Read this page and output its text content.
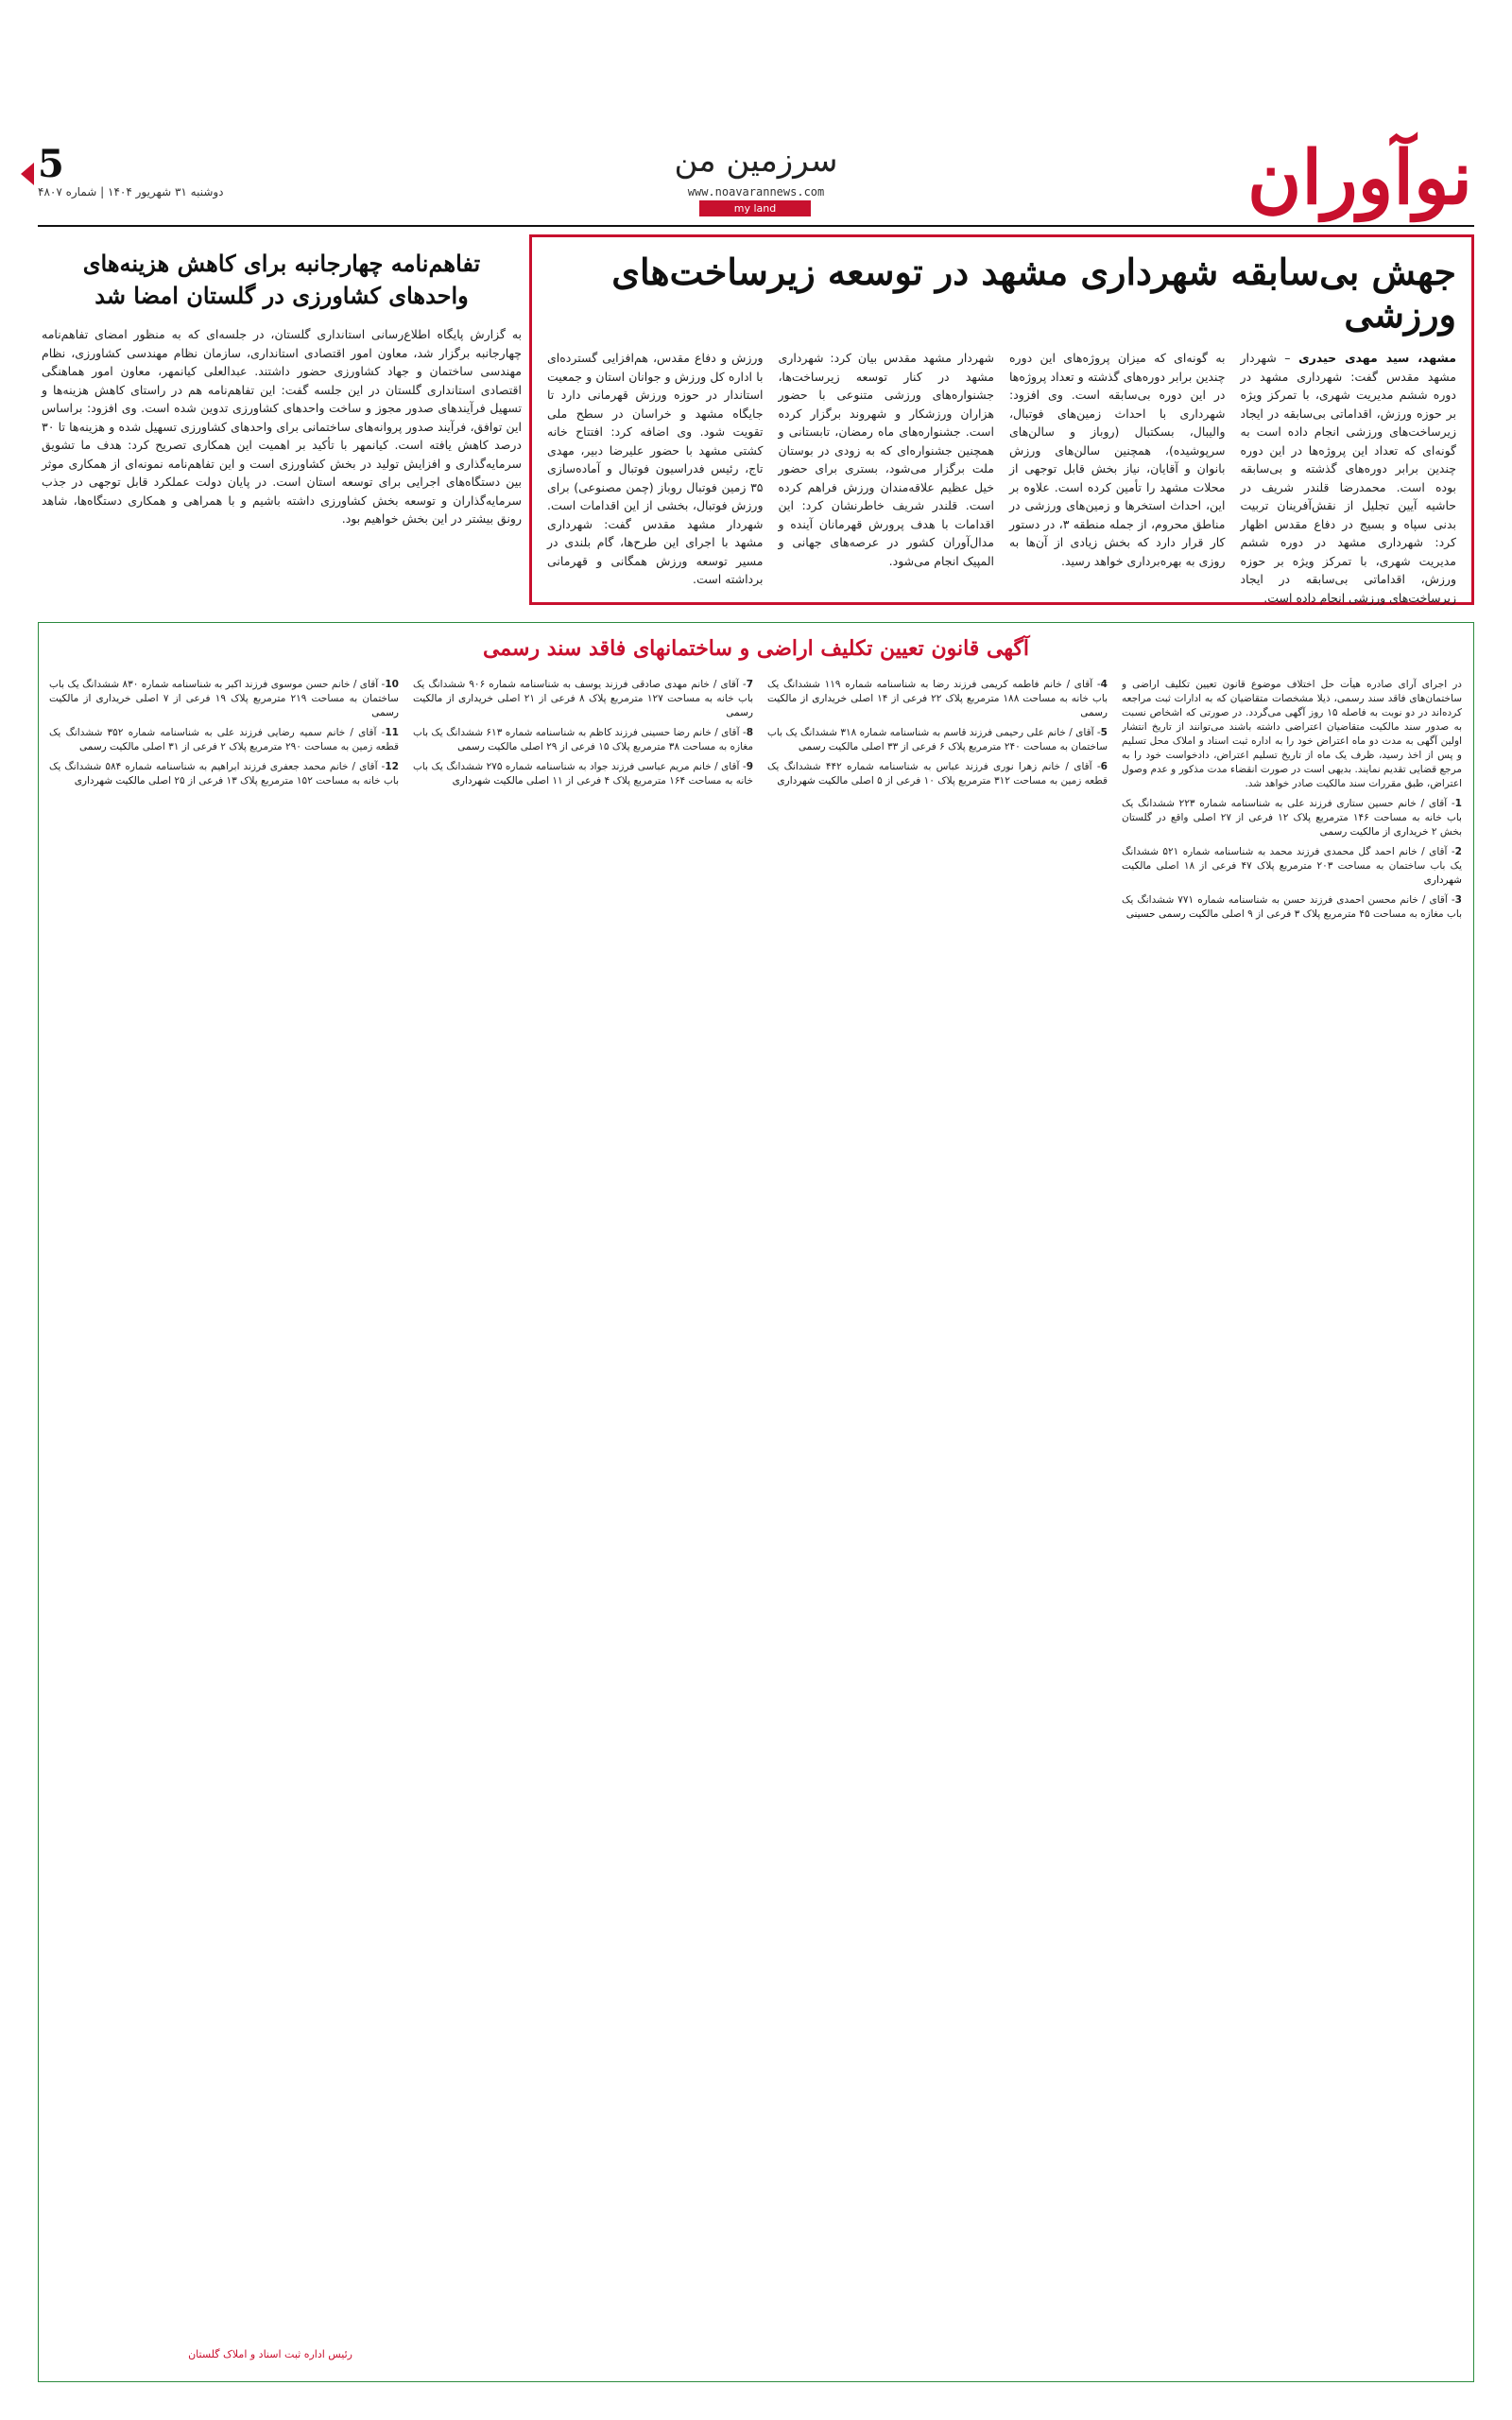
نوآوران
سرزمین من
www.noavarannews.com
my land
5
دوشنبه ۳۱ شهریور ۱۴۰۴ | شماره ۴۸۰۷
جهش بی‌سابقه شهرداری مشهد در توسعه زیرساخت‌های ورزشی
مشهد، سید مهدی حیدری – شهردار مشهد مقدس گفت: شهرداری مشهد در دوره ششم مدیریت شهری، با تمرکز ویژه بر حوزه ورزش، اقداماتی بی‌سابقه در ایجاد زیرساخت‌های ورزشی انجام داده است به گونه‌ای که تعداد این پروژه‌ها در این دوره چندین برابر دوره‌های گذشته و بی‌سابقه بوده است. محمدرضا قلندر شریف در حاشیه آیین تجلیل از نقش‌آفرینان تربیت بدنی سپاه و بسیج در دفاع مقدس اظهار کرد: شهرداری مشهد در دوره ششم مدیریت شهری، با تمرکز ویژه بر حوزه ورزش، اقداماتی بی‌سابقه در ایجاد زیرساخت‌های ورزشی انجام داده است.
به گونه‌ای که میزان پروژه‌های این دوره چندین برابر دوره‌های گذشته و تعداد پروژه‌ها در این دوره بی‌سابقه است. وی افزود: شهرداری با احداث زمین‌های فوتبال، والیبال، بسکتبال (روباز و سالن‌های سرپوشیده)، همچنین سالن‌های ورزش بانوان و آقایان، نیاز بخش قابل توجهی از محلات مشهد را تأمین کرده است. علاوه بر این، احداث استخرها و زمین‌های ورزشی در مناطق محروم، از جمله منطقه ۳، در دستور کار قرار دارد که بخش زیادی از آن‌ها به روزی به بهره‌برداری خواهد رسید.
شهردار مشهد مقدس بیان کرد: شهرداری مشهد در کنار توسعه زیرساخت‌ها، جشنواره‌های ورزشی متنوعی با حضور هزاران ورزشکار و شهروند برگزار کرده است. جشنواره‌های ماه رمضان، تابستانی و همچنین جشنواره‌ای که به زودی در بوستان ملت برگزار می‌شود، بستری برای حضور خیل عظیم علاقه‌مندان ورزش فراهم کرده است. قلندر شریف خاطرنشان کرد: این اقدامات با هدف پرورش قهرمانان آینده و مدال‌آوران کشور در عرصه‌های جهانی و المپیک انجام می‌شود.
ورزش و دفاع مقدس، هم‌افزایی گسترده‌ای با اداره کل ورزش و جوانان استان و جمعیت استاندار در حوزه ورزش قهرمانی دارد تا جایگاه مشهد و خراسان در سطح ملی تقویت شود. وی اضافه کرد: افتتاح خانه کشتی مشهد با حضور علیرضا دبیر، مهدی تاج، رئیس فدراسیون فوتبال و آماده‌سازی ۳۵ زمین فوتبال روباز (چمن مصنوعی) برای ورزش فوتبال، بخشی از این اقدامات است. شهردار مشهد مقدس گفت: شهرداری مشهد با اجرای این طرح‌ها، گام بلندی در مسیر توسعه ورزش همگانی و قهرمانی برداشته است.
تفاهم‌نامه چهارجانبه برای کاهش هزینه‌های واحدهای کشاورزی در گلستان امضا شد
به گزارش پایگاه اطلاع‌رسانی استانداری گلستان، در جلسه‌ای که به منظور امضای تفاهم‌نامه چهارجانبه برگزار شد، معاون امور اقتصادی استانداری، سازمان نظام مهندسی کشاورزی، نظام مهندسی ساختمان و جهاد کشاورزی حضور داشتند. عبدالعلی کیانمهر، معاون امور هماهنگی اقتصادی استانداری گلستان در این جلسه گفت: این تفاهم‌نامه هم در راستای کاهش هزینه‌ها و تسهیل فرآیندهای صدور مجوز و ساخت واحدهای کشاورزی تدوین شده است. وی افزود: براساس این توافق، فرآیند صدور پروانه‌های ساختمانی برای واحدهای کشاورزی تسهیل شده و هزینه‌ها تا ۳۰ درصد کاهش یافته است. کیانمهر با تأکید بر اهمیت این همکاری تصریح کرد: هدف ما تشویق سرمایه‌گذاری و افزایش تولید در بخش کشاورزی است و این تفاهم‌نامه نمونه‌ای از همکاری موثر بین دستگاه‌های اجرایی برای توسعه استان است. در پایان دولت عملکرد قابل توجهی در جذب سرمایه‌گذاران و توسعه بخش کشاورزی داشته باشیم و با همراهی و همکاری دستگاه‌ها، شاهد رونق بیشتر در این بخش خواهیم بود.
آگهی قانون تعیین تکلیف اراضی و ساختمانهای فاقد سند رسمی
در اجرای آرای صادره هیأت حل اختلاف موضوع قانون تعیین تکلیف اراضی و ساختمان‌های فاقد سند رسمی، ذیلا مشخصات متقاضیان که به ادارات ثبت مراجعه کرده‌اند در دو نوبت به فاصله ۱۵ روز آگهی می‌گردد. در صورتی که اشخاص نسبت به صدور سند مالکیت متقاضیان اعتراضی داشته باشند می‌توانند از تاریخ انتشار اولین آگهی به مدت دو ماه اعتراض خود را به اداره ثبت اسناد و املاک محل تسلیم و پس از اخذ رسید، ظرف یک ماه از تاریخ تسلیم اعتراض، دادخواست خود را به مرجع قضایی تقدیم نمایند. بدیهی است در صورت انقضاء مدت مذکور و عدم وصول اعتراض، طبق مقررات سند مالکیت صادر خواهد شد.
1- آقای / خانم حسین ستاری فرزند علی به شناسنامه شماره ۲۲۳ ششدانگ یک باب خانه به مساحت ۱۴۶ مترمربع پلاک ۱۲ فرعی از ۲۷ اصلی واقع در گلستان بخش ۲ خریداری از مالکیت رسمی
2- آقای / خانم احمد گل محمدی فرزند محمد به شناسنامه شماره ۵۲۱ ششدانگ یک باب ساختمان به مساحت ۲۰۳ مترمربع پلاک ۴۷ فرعی از ۱۸ اصلی مالکیت شهرداری
3- آقای / خانم محسن احمدی فرزند حسن به شناسنامه شماره ۷۷۱ ششدانگ یک باب مغازه به مساحت ۴۵ مترمربع پلاک ۳ فرعی از ۹ اصلی مالکیت رسمی حسینی
4- آقای / خانم فاطمه کریمی فرزند رضا به شناسنامه شماره ۱۱۹ ششدانگ یک باب خانه به مساحت ۱۸۸ مترمربع پلاک ۲۲ فرعی از ۱۴ اصلی خریداری از مالکیت رسمی
5- آقای / خانم علی رحیمی فرزند قاسم به شناسنامه شماره ۳۱۸ ششدانگ یک باب ساختمان به مساحت ۲۴۰ مترمربع پلاک ۶ فرعی از ۳۳ اصلی مالکیت رسمی
6- آقای / خانم زهرا نوری فرزند عباس به شناسنامه شماره ۴۴۲ ششدانگ یک قطعه زمین به مساحت ۳۱۲ مترمربع پلاک ۱۰ فرعی از ۵ اصلی مالکیت شهرداری
7- آقای / خانم مهدی صادقی فرزند یوسف به شناسنامه شماره ۹۰۶ ششدانگ یک باب خانه به مساحت ۱۲۷ مترمربع پلاک ۸ فرعی از ۲۱ اصلی خریداری از مالکیت رسمی
8- آقای / خانم رضا حسینی فرزند کاظم به شناسنامه شماره ۶۱۳ ششدانگ یک باب مغازه به مساحت ۳۸ مترمربع پلاک ۱۵ فرعی از ۲۹ اصلی مالکیت رسمی
9- آقای / خانم مریم عباسی فرزند جواد به شناسنامه شماره ۲۷۵ ششدانگ یک باب خانه به مساحت ۱۶۴ مترمربع پلاک ۴ فرعی از ۱۱ اصلی مالکیت شهرداری
10- آقای / خانم حسن موسوی فرزند اکبر به شناسنامه شماره ۸۳۰ ششدانگ یک باب ساختمان به مساحت ۲۱۹ مترمربع پلاک ۱۹ فرعی از ۷ اصلی خریداری از مالکیت رسمی
11- آقای / خانم سمیه رضایی فرزند علی به شناسنامه شماره ۳۵۲ ششدانگ یک قطعه زمین به مساحت ۲۹۰ مترمربع پلاک ۲ فرعی از ۳۱ اصلی مالکیت رسمی
12- آقای / خانم محمد جعفری فرزند ابراهیم به شناسنامه شماره ۵۸۴ ششدانگ یک باب خانه به مساحت ۱۵۲ مترمربع پلاک ۱۳ فرعی از ۲۵ اصلی مالکیت شهرداری
رئیس اداره ثبت اسناد و املاک گلستان
